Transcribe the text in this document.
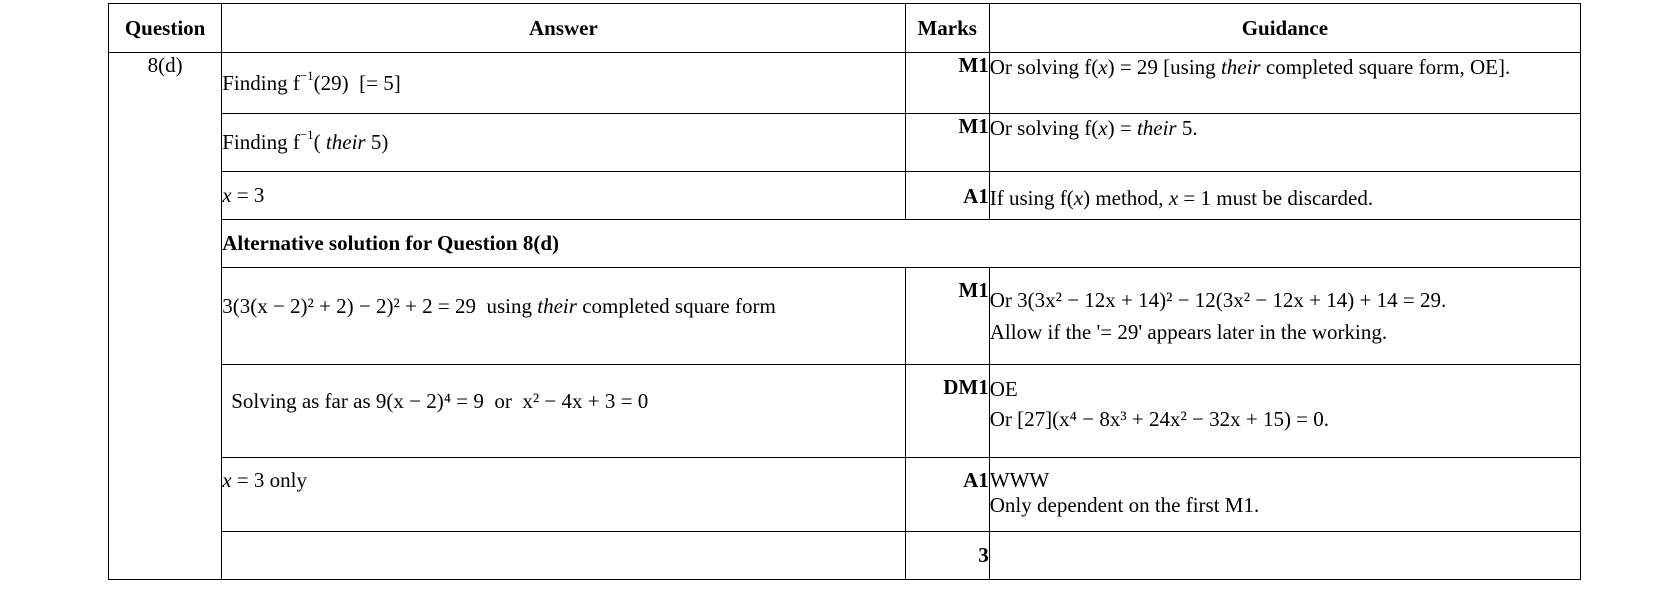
Question	Answer	Marks	Guidance
8(d)	Finding $f^{-1}(29)$ [= 5]	M1	Or solving f(x) = 29 [using their completed square form, OE].
	Finding $f^{-1}$( their 5)	M1	Or solving f(x) = their 5.
	x = 3	A1	If using f(x) method, x = 1 must be discarded.
	Alternative solution for Question 8(d)		
	3(3(x − 2)² + 2) − 2)² + 2 = 29 using their completed square form	M1	Or 3(3x² − 12x + 14)² − 12(3x² − 12x + 14) + 14 = 29.
Allow if the '= 29' appears later in the working.

	Solving as far as 9(x − 2)⁴ = 9 or x² − 4x + 3 = 0	DM1	OE
Or [27](x⁴ − 8x³ + 24x² − 32x + 15) = 0.

	x = 3 only	A1	WWW
Only dependent on the first M1.

		3	
